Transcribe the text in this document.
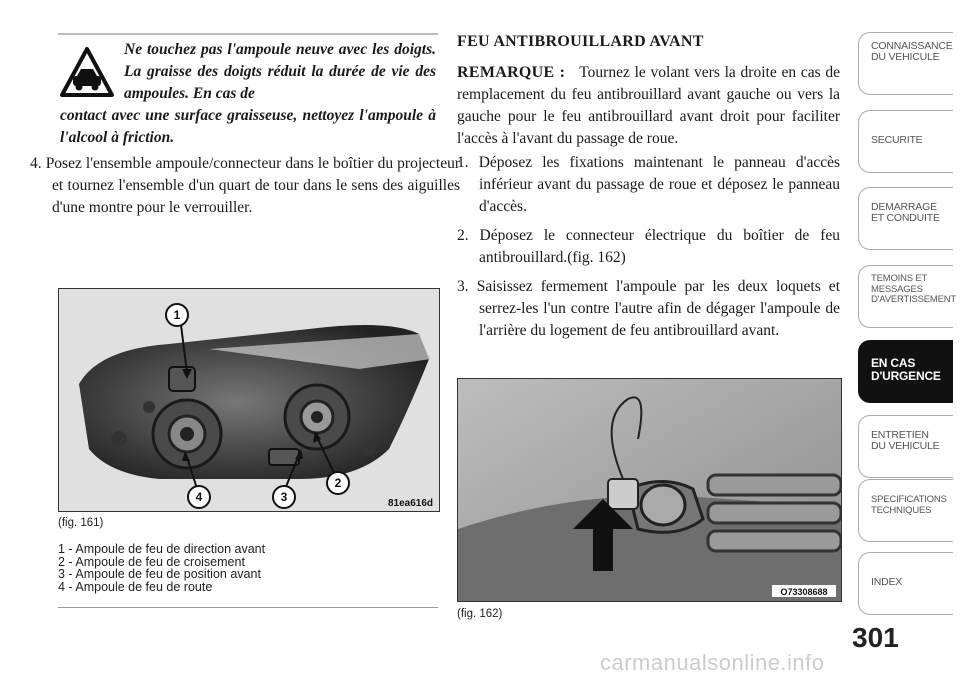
Ne touchez pas l'ampoule neuve avec les doigts. La graisse des doigts réduit la durée de vie des ampoules. En cas de
contact avec une surface graisseuse, nettoyez l'ampoule à l'alcool à friction.
4. Posez l'ensemble ampoule/connecteur dans le boîtier du projecteur et tournez l'ensemble d'un quart de tour dans le sens des aiguilles d'une montre pour le verrouiller.
1
2
3
4	81ea616d
(fig. 161)
1 - Ampoule de feu de direction avant
2 - Ampoule de feu de croisement
3 - Ampoule de feu de position avant
4 - Ampoule de feu de route
FEU ANTIBROUILLARD AVANT
REMARQUE : Tournez le volant vers la droite en cas de remplacement du feu antibrouillard avant gauche ou vers la gauche pour le feu antibrouillard avant droit pour faciliter l'accès à l'avant du passage de roue.
1. Déposez les fixations maintenant le panneau d'accès inférieur avant du passage de roue et déposez le panneau d'accès.
2. Déposez le connecteur électrique du boîtier de feu antibrouillard.(fig. 162)
3. Saisissez fermement l'ampoule par les deux loquets et serrez-les l'un contre l'autre afin de dégager l'ampoule de l'arrière du logement de feu antibrouillard avant.
O73308688
(fig. 162)
CONNAISSANCE
DU VEHICULE
SECURITE
DEMARRAGE
ET CONDUITE
TEMOINS ET
MESSAGES
D'AVERTISSEMENT
EN CAS
D'URGENCE
ENTRETIEN
DU VEHICULE
SPECIFICATIONS
TECHNIQUES
INDEX
301
carmanualsonline.info
